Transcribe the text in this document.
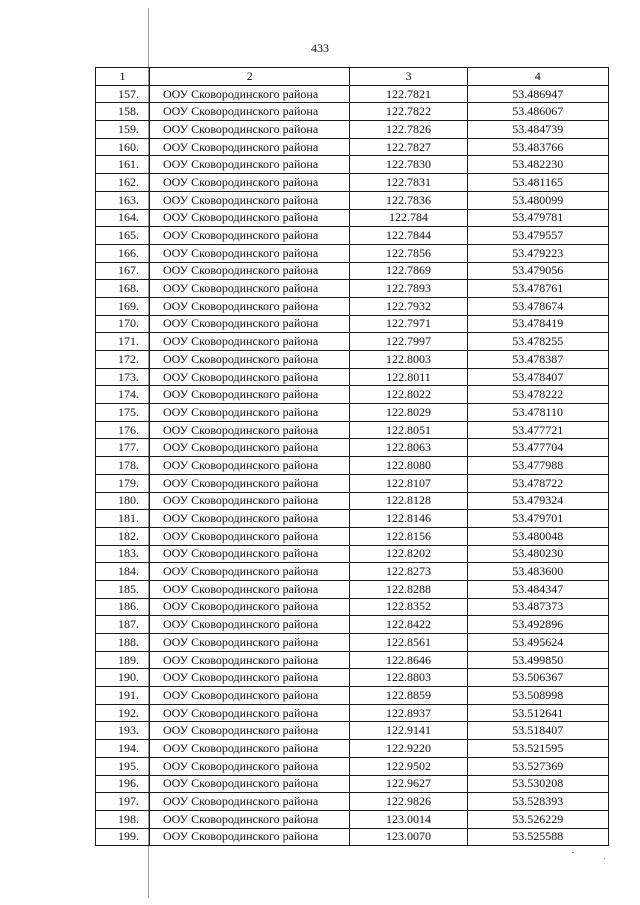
433
1	2	3	4
157.	ООУ Сковородинского района	122.7821	53.486947
158.	ООУ Сковородинского района	122.7822	53.486067
159.	ООУ Сковородинского района	122.7826	53.484739
160.	ООУ Сковородинского района	122.7827	53.483766
161.	ООУ Сковородинского района	122.7830	53.482230
162.	ООУ Сковородинского района	122.7831	53.481165
163.	ООУ Сковородинского района	122.7836	53.480099
164.	ООУ Сковородинского района	122.784	53.479781
165.	ООУ Сковородинского района	122.7844	53.479557
166.	ООУ Сковородинского района	122.7856	53.479223
167.	ООУ Сковородинского района	122.7869	53.479056
168.	ООУ Сковородинского района	122.7893	53.478761
169.	ООУ Сковородинского района	122.7932	53.478674
170.	ООУ Сковородинского района	122.7971	53.478419
171.	ООУ Сковородинского района	122.7997	53.478255
172.	ООУ Сковородинского района	122.8003	53.478387
173.	ООУ Сковородинского района	122.8011	53.478407
174.	ООУ Сковородинского района	122.8022	53.478222
175.	ООУ Сковородинского района	122.8029	53.478110
176.	ООУ Сковородинского района	122.8051	53.477721
177.	ООУ Сковородинского района	122.8063	53.477704
178.	ООУ Сковородинского района	122.8080	53.477988
179.	ООУ Сковородинского района	122.8107	53.478722
180.	ООУ Сковородинского района	122.8128	53.479324
181.	ООУ Сковородинского района	122.8146	53.479701
182.	ООУ Сковородинского района	122.8156	53.480048
183.	ООУ Сковородинского района	122.8202	53.480230
184.	ООУ Сковородинского района	122.8273	53.483600
185.	ООУ Сковородинского района	122.8288	53.484347
186.	ООУ Сковородинского района	122.8352	53.487373
187.	ООУ Сковородинского района	122.8422	53.492896
188.	ООУ Сковородинского района	122.8561	53.495624
189.	ООУ Сковородинского района	122.8646	53.499850
190.	ООУ Сковородинского района	122.8803	53.506367
191.	ООУ Сковородинского района	122.8859	53.508998
192.	ООУ Сковородинского района	122.8937	53.512641
193.	ООУ Сковородинского района	122.9141	53.518407
194.	ООУ Сковородинского района	122.9220	53.521595
195.	ООУ Сковородинского района	122.9502	53.527369
196.	ООУ Сковородинского района	122.9627	53.530208
197.	ООУ Сковородинского района	122.9826	53.528393
198.	ООУ Сковородинского района	123.0014	53.526229
199.	ООУ Сковородинского района	123.0070	53.525588
